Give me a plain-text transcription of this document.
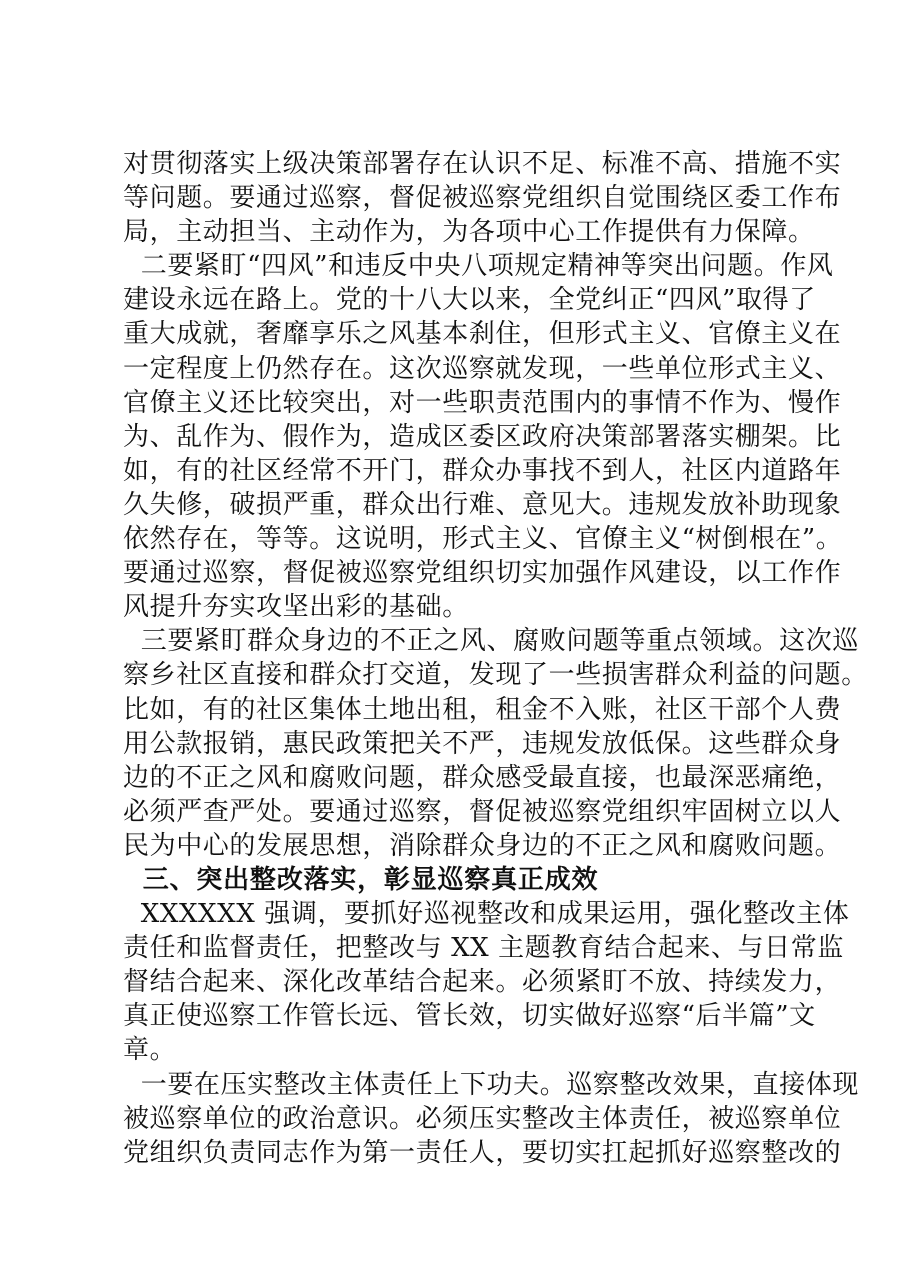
对贯彻落实上级决策部署存在认识不足、标准不高、措施不实
等问题。要通过巡察，督促被巡察党组织自觉围绕区委工作布
局，主动担当、主动作为，为各项中心工作提供有力保障。
二要紧盯“四风”和违反中央八项规定精神等突出问题。作风
建设永远在路上。党的十八大以来，全党纠正“四风”取得了
重大成就，奢靡享乐之风基本刹住，但形式主义、官僚主义在
一定程度上仍然存在。这次巡察就发现，一些单位形式主义、
官僚主义还比较突出，对一些职责范围内的事情不作为、慢作
为、乱作为、假作为，造成区委区政府决策部署落实棚架。比
如，有的社区经常不开门，群众办事找不到人，社区内道路年
久失修，破损严重，群众出行难、意见大。违规发放补助现象
依然存在，等等。这说明，形式主义、官僚主义“树倒根在”。
要通过巡察，督促被巡察党组织切实加强作风建设，以工作作
风提升夯实攻坚出彩的基础。
三要紧盯群众身边的不正之风、腐败问题等重点领域。这次巡
察乡社区直接和群众打交道，发现了一些损害群众利益的问题。
比如，有的社区集体土地出租，租金不入账，社区干部个人费
用公款报销，惠民政策把关不严，违规发放低保。这些群众身
边的不正之风和腐败问题，群众感受最直接，也最深恶痛绝，
必须严查严处。要通过巡察，督促被巡察党组织牢固树立以人
民为中心的发展思想，消除群众身边的不正之风和腐败问题。
三、突出整改落实，彰显巡察真正成效
XXXXXX 强调，要抓好巡视整改和成果运用，强化整改主体
责任和监督责任，把整改与 XX 主题教育结合起来、与日常监
督结合起来、深化改革结合起来。必须紧盯不放、持续发力，
真正使巡察工作管长远、管长效，切实做好巡察“后半篇”文
章。
一要在压实整改主体责任上下功夫。巡察整改效果，直接体现
被巡察单位的政治意识。必须压实整改主体责任，被巡察单位
党组织负责同志作为第一责任人，要切实扛起抓好巡察整改的
